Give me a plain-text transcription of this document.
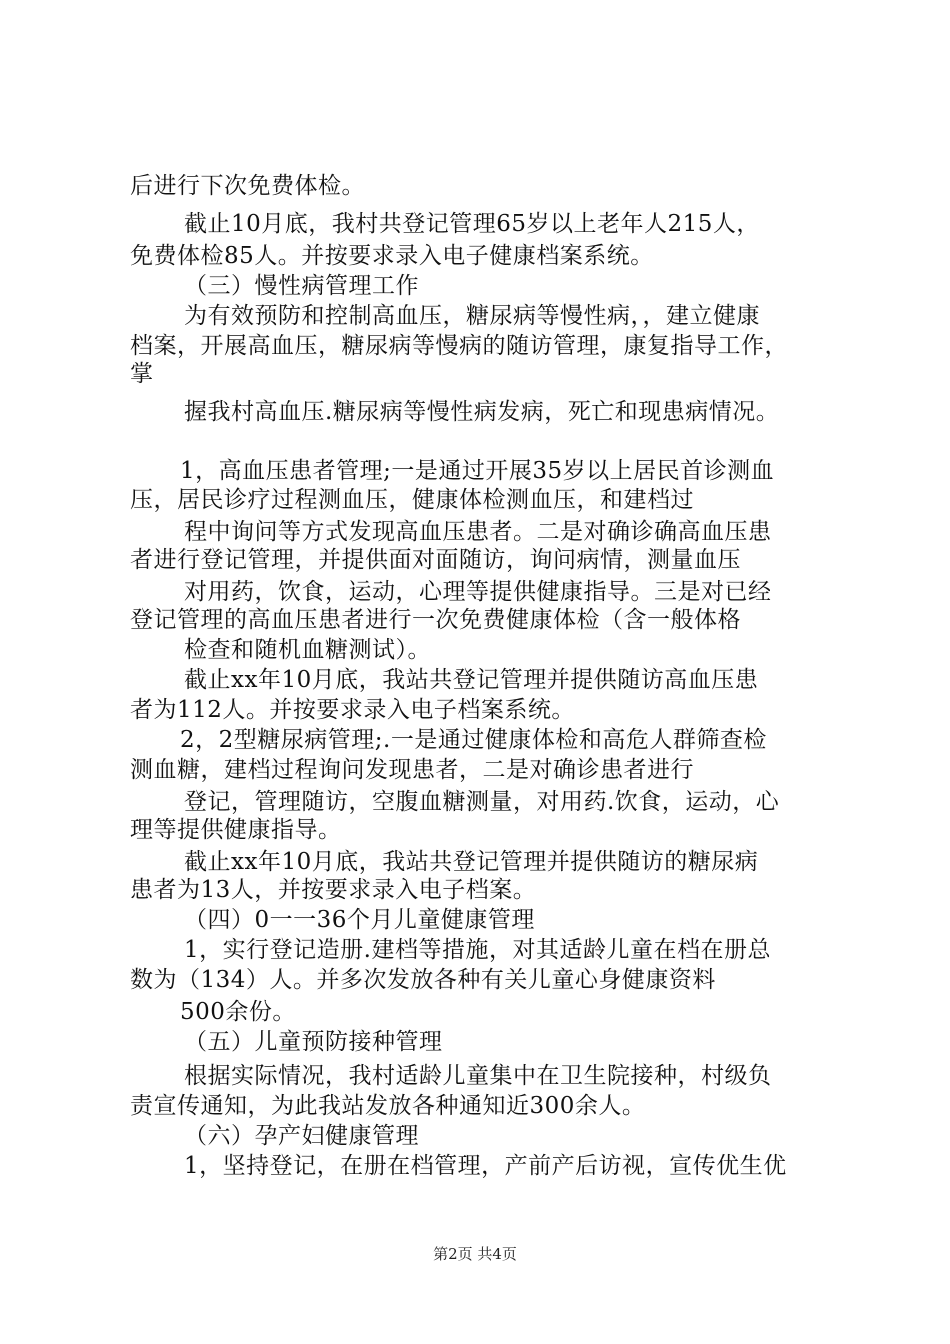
后进行下次免费体检。
截止10月底，我村共登记管理65岁以上老年人215人，
免费体检85人。并按要求录入电子健康档案系统。
（三）慢性病管理工作
为有效预防和控制高血压，糖尿病等慢性病，，建立健康
档案，开展高血压，糖尿病等慢病的随访管理，康复指导工作，
掌
握我村高血压.糖尿病等慢性病发病，死亡和现患病情况。
1，高血压患者管理;一是通过开展35岁以上居民首诊测血
压，居民诊疗过程测血压，健康体检测血压，和建档过
程中询问等方式发现高血压患者。二是对确诊确高血压患
者进行登记管理，并提供面对面随访，询问病情，测量血压
对用药，饮食，运动，心理等提供健康指导。三是对已经
登记管理的高血压患者进行一次免费健康体检（含一般体格
检查和随机血糖测试）。
截止xx年10月底，我站共登记管理并提供随访高血压患
者为112人。并按要求录入电子档案系统。
2，2型糖尿病管理;.一是通过健康体检和高危人群筛查检
测血糖，建档过程询问发现患者，二是对确诊患者进行
登记，管理随访，空腹血糖测量，对用药.饮食，运动，心
理等提供健康指导。
截止xx年10月底，我站共登记管理并提供随访的糖尿病
患者为13人，并按要求录入电子档案。
（四）0一一36个月儿童健康管理
1，实行登记造册.建档等措施，对其适龄儿童在档在册总
数为（134）人。并多次发放各种有关儿童心身健康资料
500余份。
（五）儿童预防接种管理
根据实际情况，我村适龄儿童集中在卫生院接种，村级负
责宣传通知，为此我站发放各种通知近300余人。
（六）孕产妇健康管理
1，坚持登记，在册在档管理，产前产后访视，宣传优生优
第2页 共4页
